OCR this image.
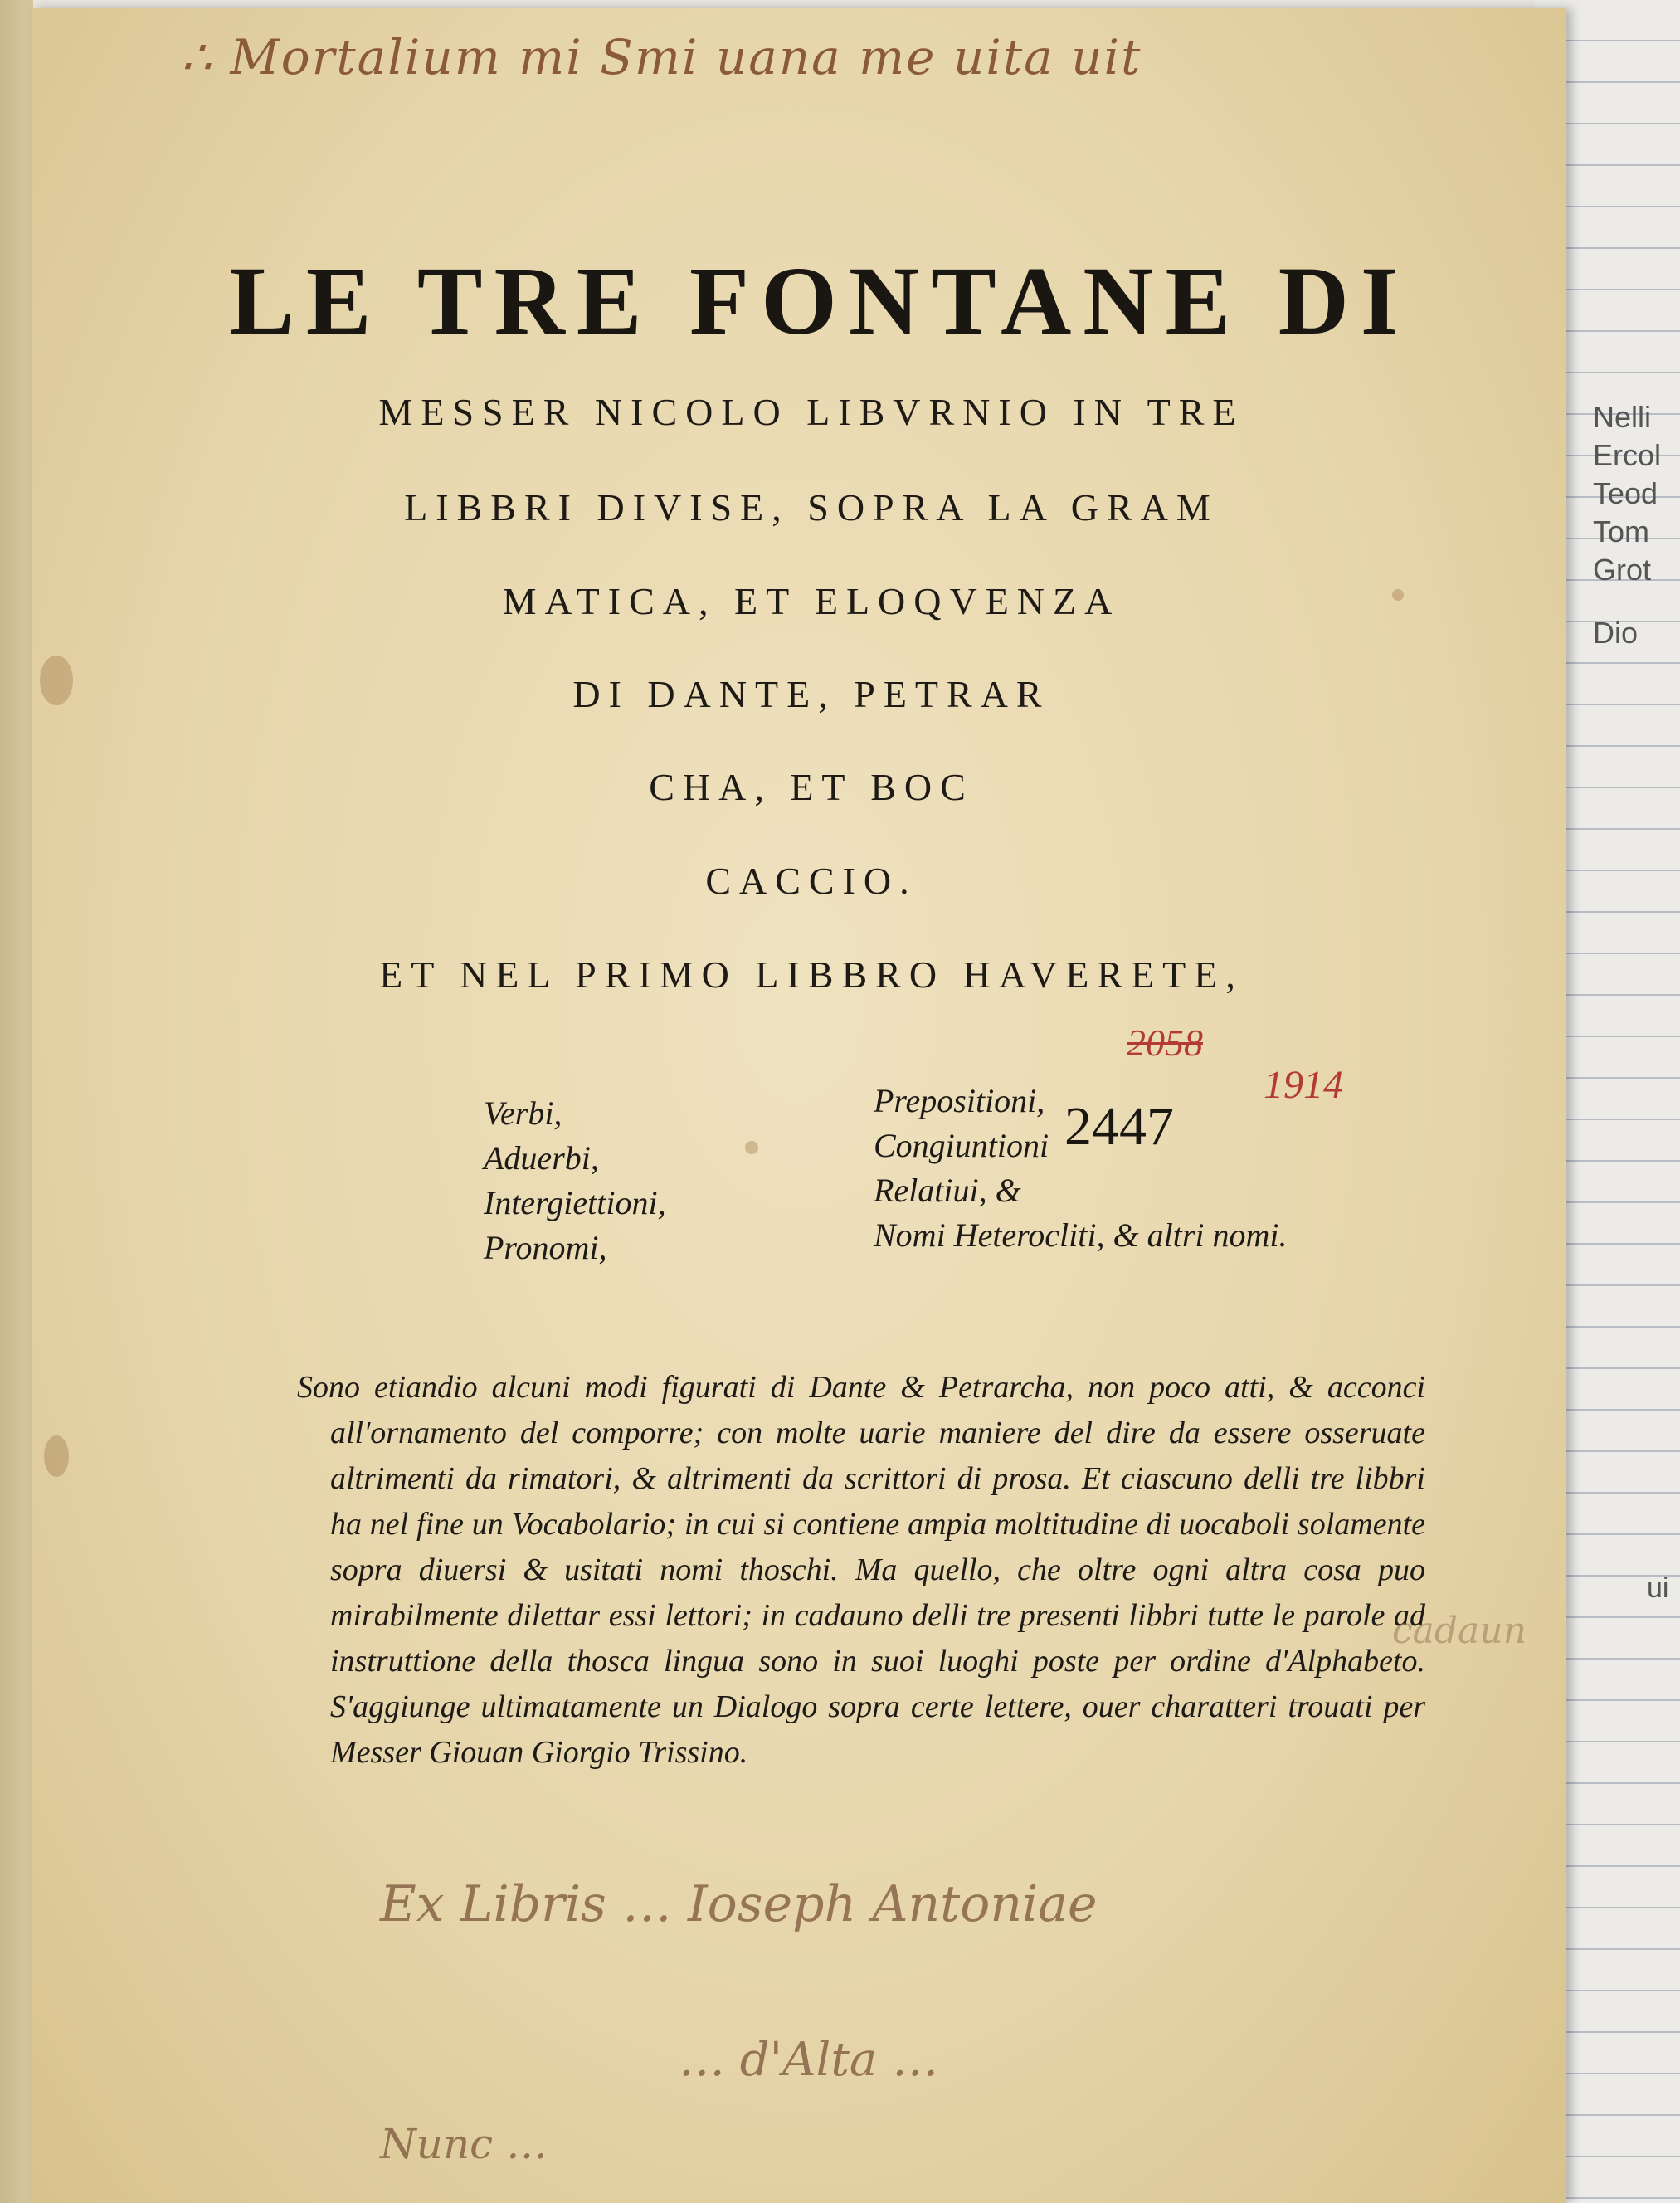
Nelli
Ercol
Teod
Tom
Grot
Dio
ui
∴ Mortalium mi Smi uana me uita uit
LE TRE FONTANE DI
MESSER NICOLO LIBVRNIO IN TRE
LIBBRI DIVISE, SOPRA LA GRAM
MATICA, ET ELOQVENZA
DI DANTE, PETRAR
CHA, ET BOC
CACCIO.
ET NEL PRIMO LIBBRO HAVERETE,
2058
1914
Verbi,
Aduerbi,
Intergiettioni,
Pronomi,
Prepositioni,
Congiuntioni
Relatiui, &
Nomi Heterocliti, & altri nomi.
2447
Sono etiandio alcuni modi figurati di Dante & Petrarcha, non poco atti, & acconci all'ornamento del comporre; con molte uarie maniere del dire da essere osseruate altrimenti da rimatori, & altrimenti da scrittori di prosa. Et ciascuno delli tre libbri ha nel fine un Vocabolario; in cui si contiene ampia moltitudine di uocaboli solamente sopra diuersi & usitati nomi thoschi. Ma quello, che oltre ogni altra cosa puo mirabilmente dilettar essi lettori; in cadauno delli tre presenti libbri tutte le parole ad instruttione della thosca lingua sono in suoi luoghi poste per ordine d'Alphabeto. S'aggiunge ultimatamente un Dialogo sopra certe lettere, ouer charatteri trouati per Messer Giouan Giorgio Trissino.
cadaun
Ex Libris … Ioseph Antoniae
… d'Alta …
Nunc …
